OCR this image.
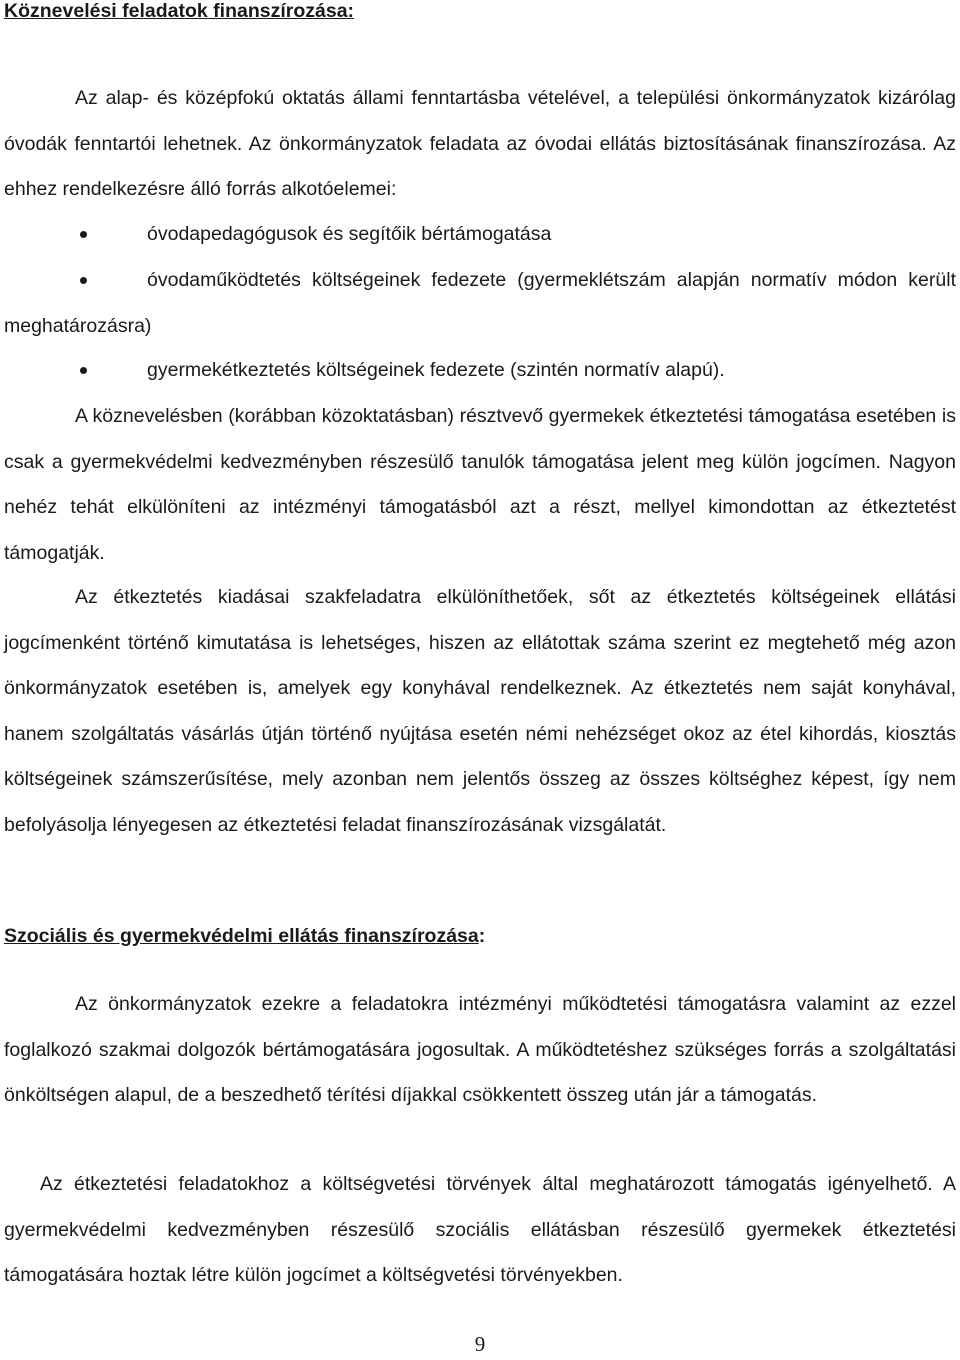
Köznevelési feladatok finanszírozása:
Az alap- és középfokú oktatás állami fenntartásba vételével, a települési önkormányzatok kizárólag óvodák fenntartói lehetnek. Az önkormányzatok feladata az óvodai ellátás biztosításának finanszírozása. Az ehhez rendelkezésre álló forrás alkotóelemei:
óvodapedagógusok és segítőik bértámogatása
óvodaműködtetés költségeinek fedezete (gyermeklétszám alapján normatív módon került meghatározásra)
gyermekétkeztetés költségeinek fedezete (szintén normatív alapú).
A köznevelésben (korábban közoktatásban) résztvevő gyermekek étkeztetési támogatása esetében is csak a gyermekvédelmi kedvezményben részesülő tanulók támogatása jelent meg külön jogcímen. Nagyon nehéz tehát elkülöníteni az intézményi támogatásból azt a részt, mellyel kimondottan az étkeztetést támogatják.
Az étkeztetés kiadásai szakfeladatra elkülöníthetőek, sőt az étkeztetés költségeinek ellátási jogcímenként történő kimutatása is lehetséges, hiszen az ellátottak száma szerint ez megtehető még azon önkormányzatok esetében is, amelyek egy konyhával rendelkeznek. Az étkeztetés nem saját konyhával, hanem szolgáltatás vásárlás útján történő nyújtása esetén némi nehézséget okoz az étel kihordás, kiosztás költségeinek számszerűsítése, mely azonban nem jelentős összeg az összes költséghez képest, így nem befolyásolja lényegesen az étkeztetési feladat finanszírozásának vizsgálatát.
Szociális és gyermekvédelmi ellátás finanszírozása:
Az önkormányzatok ezekre a feladatokra intézményi működtetési támogatásra valamint az ezzel foglalkozó szakmai dolgozók bértámogatására jogosultak. A működtetéshez szükséges forrás a szolgáltatási önköltségen alapul, de a beszedhető térítési díjakkal csökkentett összeg után jár a támogatás.
Az étkeztetési feladatokhoz a költségvetési törvények által meghatározott támogatás igényelhető. A gyermekvédelmi kedvezményben részesülő szociális ellátásban részesülő gyermekek étkeztetési támogatására hoztak létre külön jogcímet a költségvetési törvényekben.
9
